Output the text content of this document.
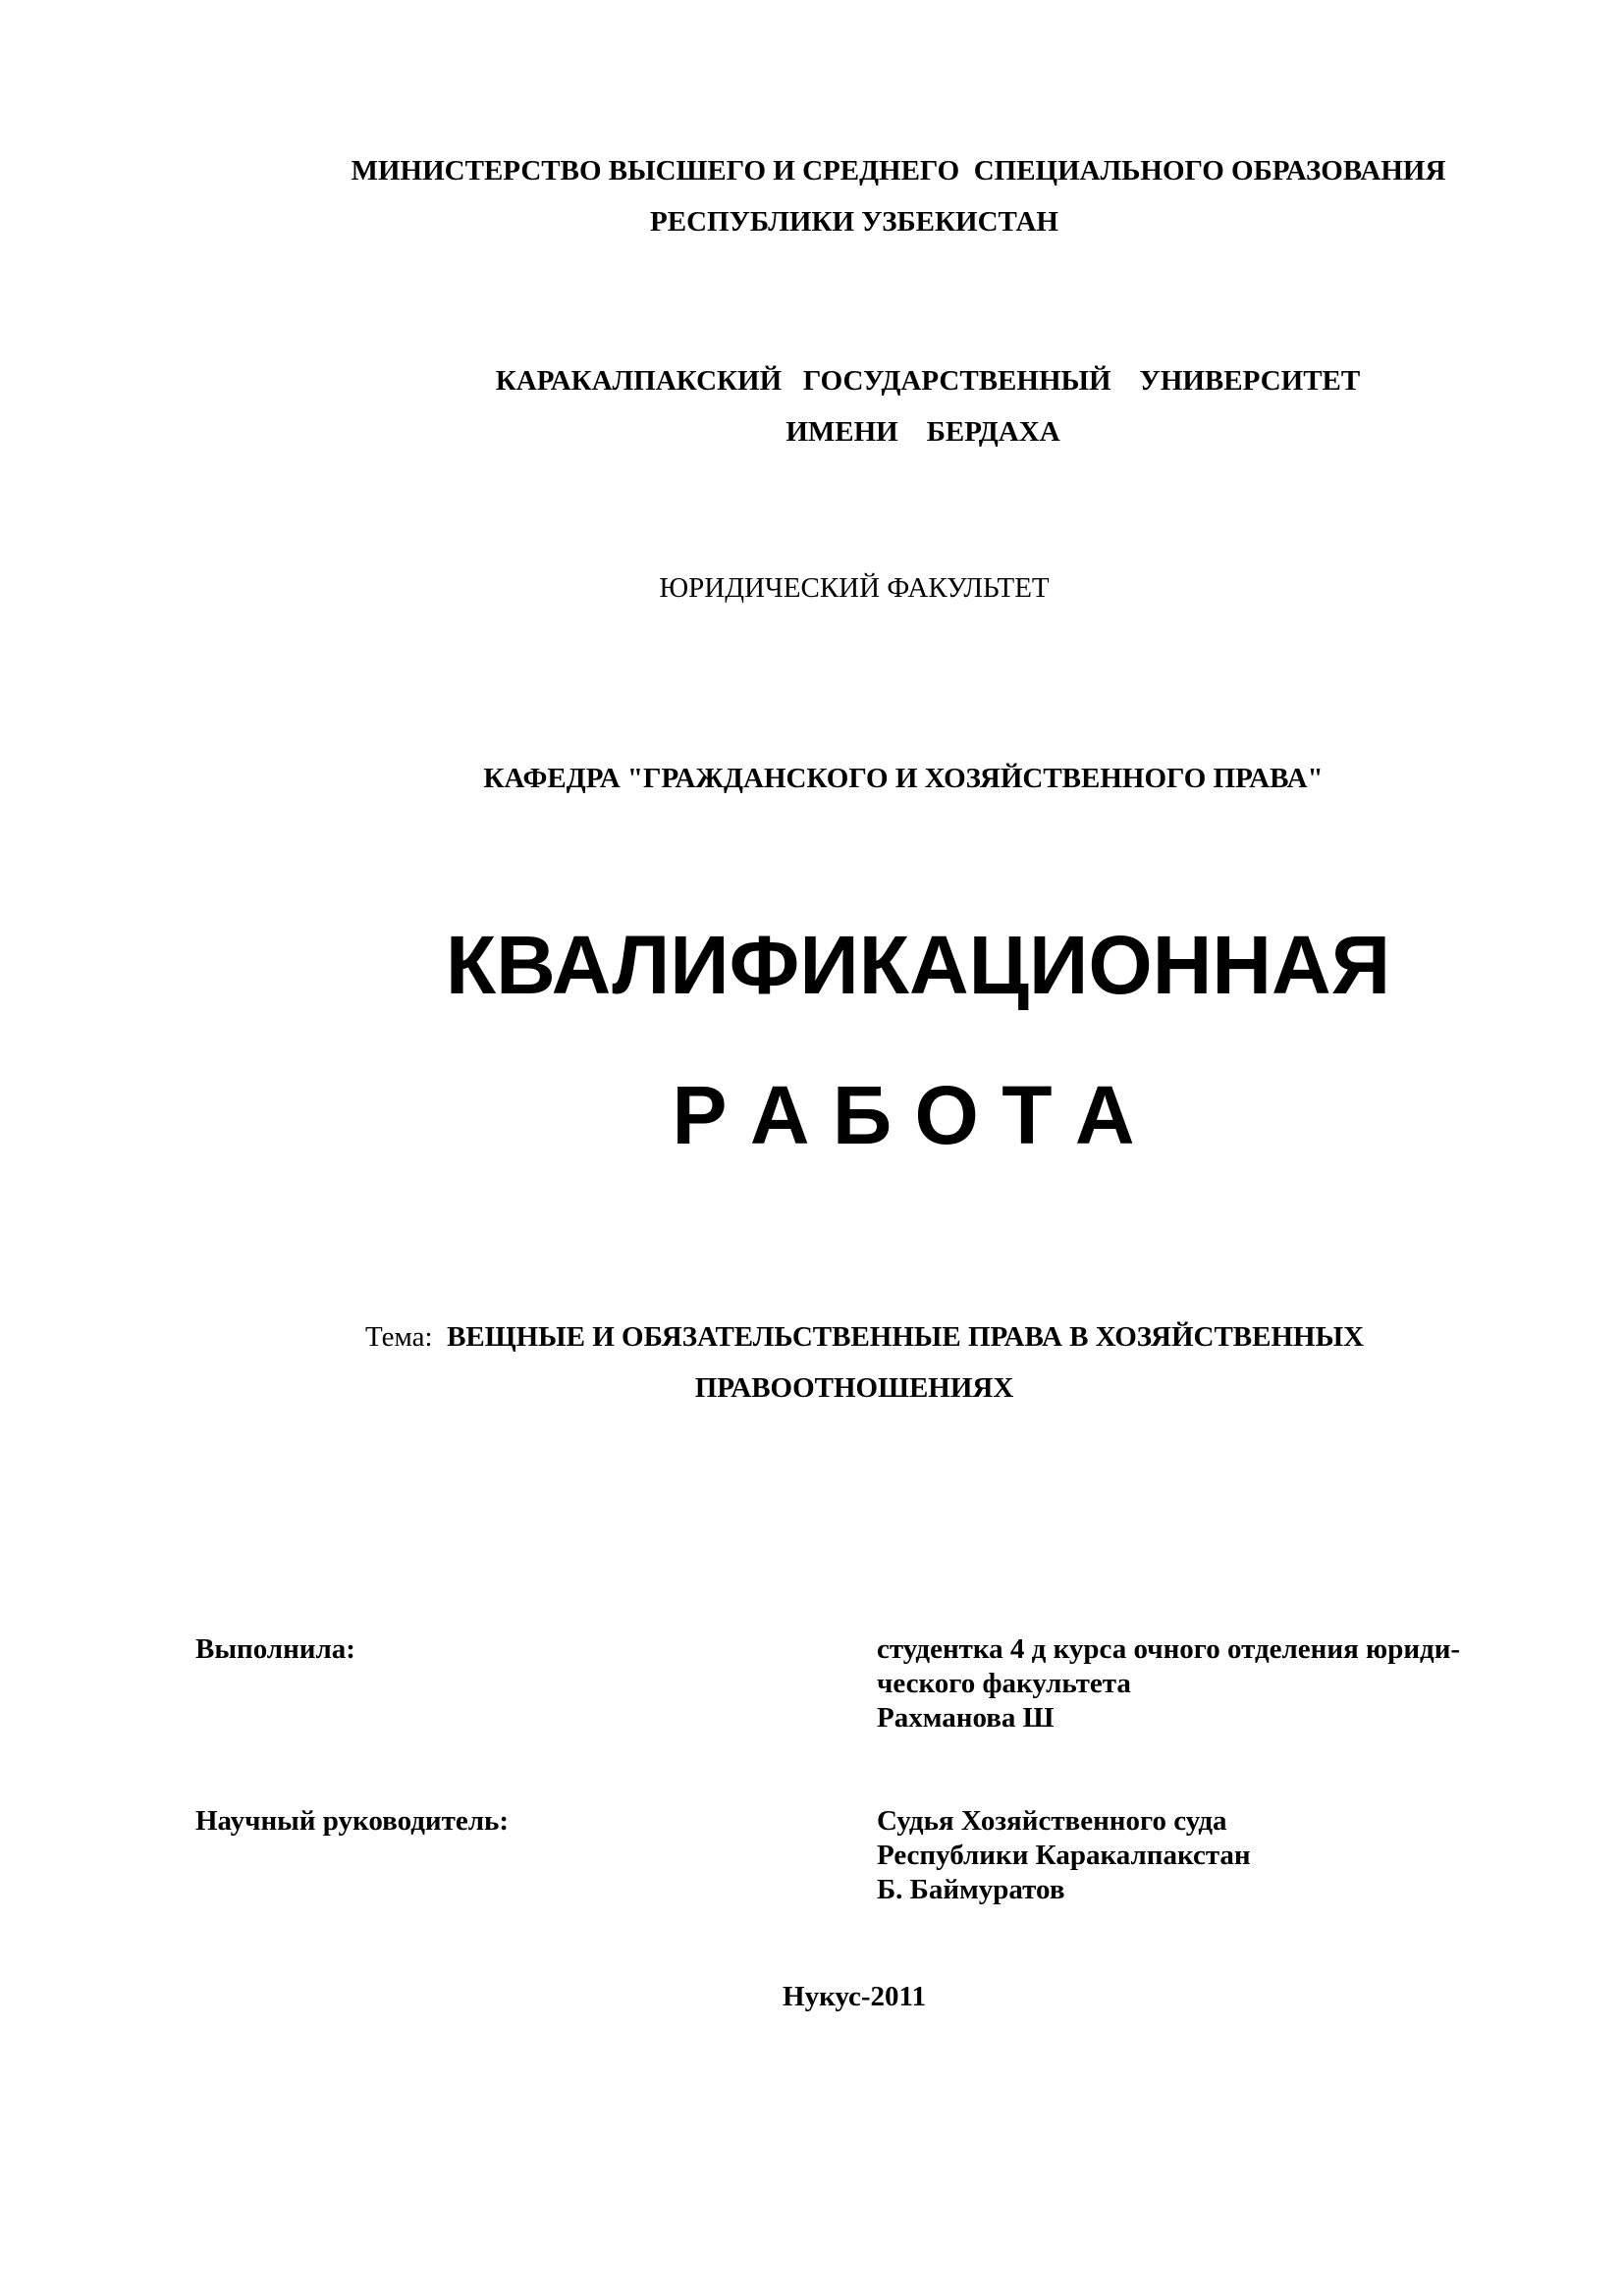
МИНИСТЕРСТВО ВЫСШЕГО И СРЕДНЕГО  СПЕЦИАЛЬНОГО ОБРАЗОВАНИЯ
РЕСПУБЛИКИ УЗБЕКИСТАН
КАРАКАЛПАКСКИЙ   ГОСУДАРСТВЕННЫЙ    УНИВЕРСИТЕТ
ИМЕНИ    БЕРДАХА
ЮРИДИЧЕСКИЙ ФАКУЛЬТЕТ
КАФЕДРА "ГРАЖДАНСКОГО И ХОЗЯЙСТВЕННОГО ПРАВА"
КВАЛИФИКАЦИОННАЯ
Р А Б О Т А
Тема: ВЕЩНЫЕ И ОБЯЗАТЕЛЬСТВЕННЫЕ ПРАВА В ХОЗЯЙСТВЕННЫХ
ПРАВООТНОШЕНИЯХ
Выполнила:	студентка 4 д курса очного отделения юриди-
ческого факультета
Рахманова Ш
Научный руководитель:	Судья Хозяйственного суда
Республики Каракалпакстан
Б. Баймуратов
Нукус-2011
